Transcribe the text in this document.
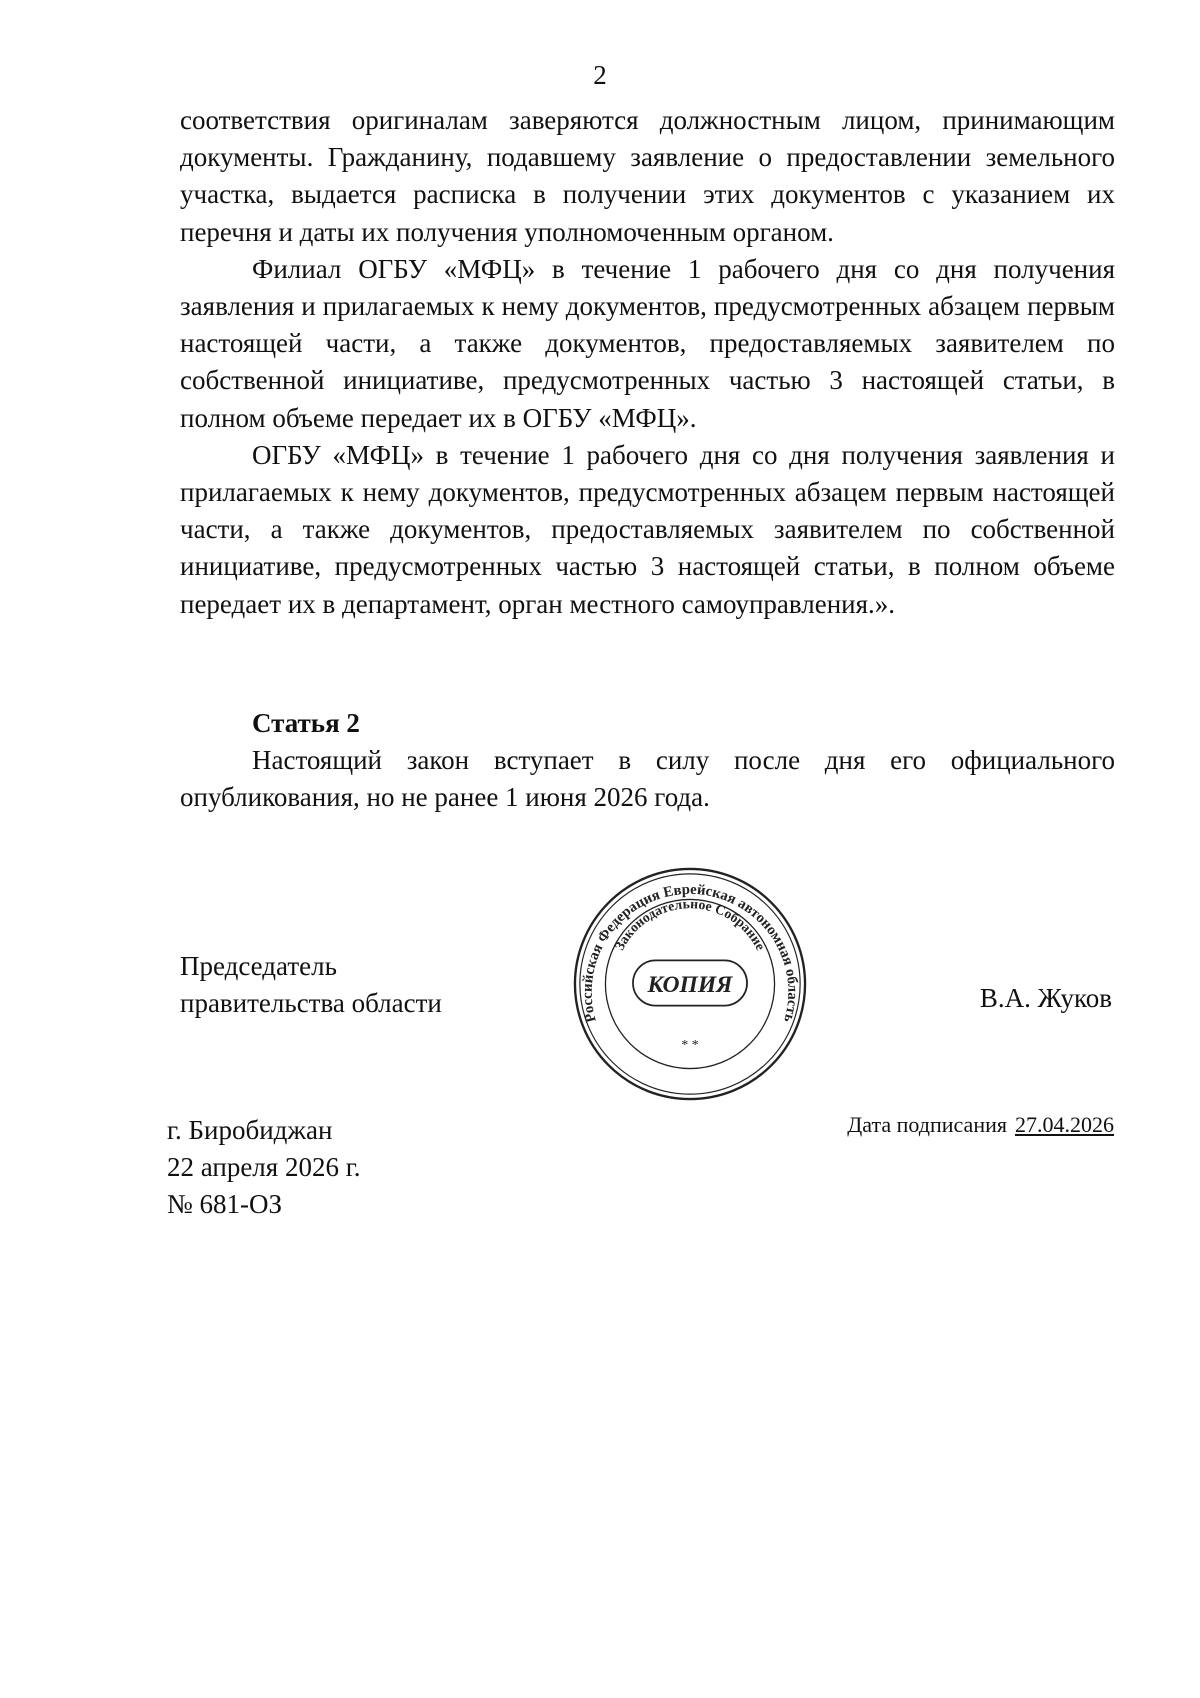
2

соответствия оригиналам заверяются должностным лицом, принимающим документы. Гражданину, подавшему заявление о предоставлении земельного участка, выдается расписка в получении этих документов с указанием их перечня и даты их получения уполномоченным органом.

Филиал ОГБУ «МФЦ» в течение 1 рабочего дня со дня получения заявления и прилагаемых к нему документов, предусмотренных абзацем первым настоящей части, а также документов, предоставляемых заявителем по собственной инициативе, предусмотренных частью 3 настоящей статьи, в полном объеме передает их в ОГБУ «МФЦ».

ОГБУ «МФЦ» в течение 1 рабочего дня со дня получения заявления и прилагаемых к нему документов, предусмотренных абзацем первым настоящей части, а также документов, предоставляемых заявителем по собственной инициативе, предусмотренных частью 3 настоящей статьи, в полном объеме передает их в департамент, орган местного самоуправления.».

Статья 2

Настоящий закон вступает в силу после дня его официального опубликования, но не ранее 1 июня 2026 года.

Председатель
правительства области	Российская Федерация Еврейская автономная область
Законодательное Собрание
КОПИЯ
* *
В.А. Жуков
г. Биробиджан
22 апреля 2026 г.
№ 681-ОЗ
Дата подписания 27.04.2026
